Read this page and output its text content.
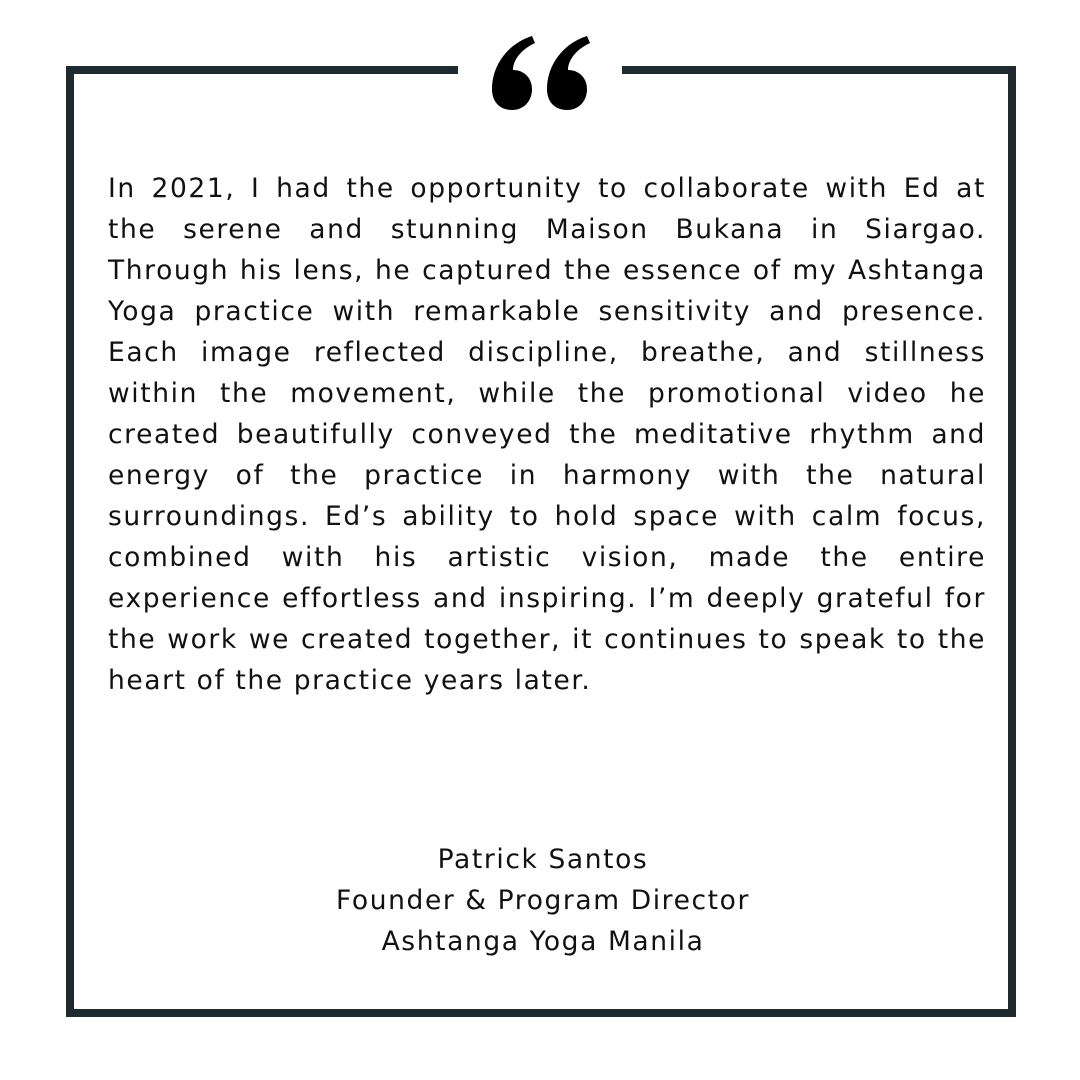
In 2021, I had the opportunity to collaborate with Ed at the serene and stunning Maison Bukana in Siargao. Through his lens, he captured the essence of my Ashtanga Yoga practice with remarkable sensitivity and presence. Each image reflected discipline, breathe, and stillness within the movement, while the promotional video he created beautifully conveyed the meditative rhythm and energy of the practice in harmony with the natural surroundings. Ed’s ability to hold space with calm focus, combined with his artistic vision, made the entire experience effortless and inspiring. I’m deeply grateful for the work we created together, it continues to speak to the heart of the practice years later.

Patrick Santos
Founder & Program Director
Ashtanga Yoga Manila
